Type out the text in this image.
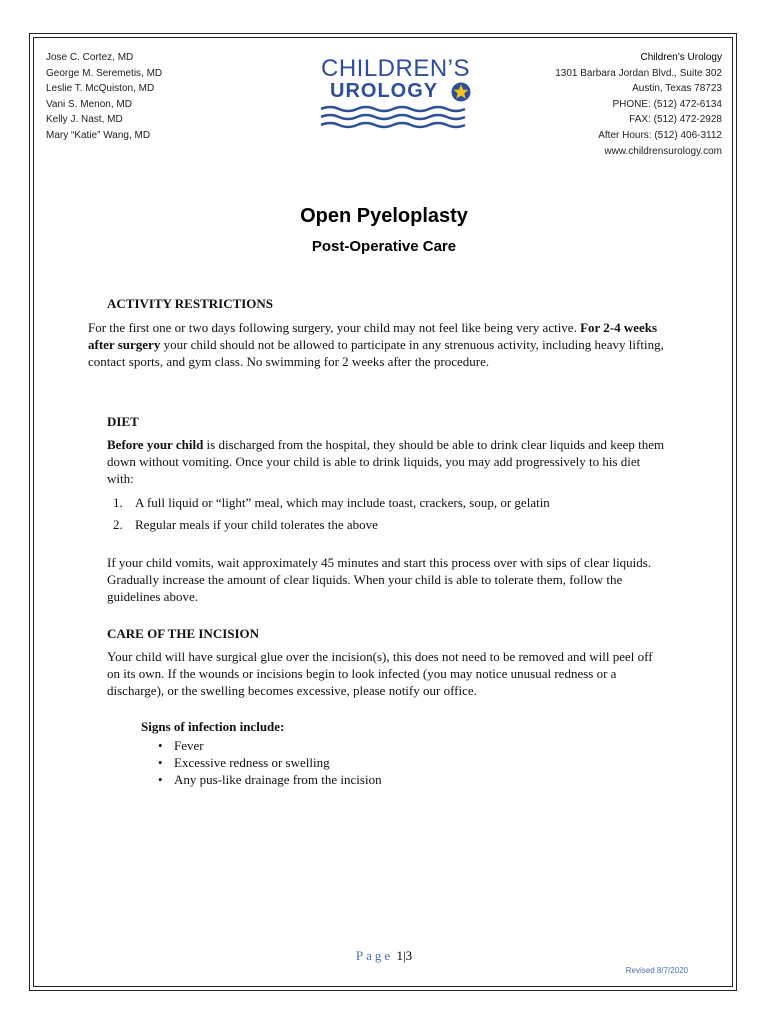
Jose C. Cortez, MD
George M. Seremetis, MD
Leslie T. McQuiston, MD
Vani S. Menon, MD
Kelly J. Nast, MD
Mary “Katie” Wang, MD
CHILDREN’S
UROLOGY
Children’s Urology
1301 Barbara Jordan Blvd., Suite 302
Austin, Texas 78723
PHONE: (512) 472-6134
FAX: (512) 472-2928
After Hours: (512) 406-3112
www.childrensurology.com
Open Pyeloplasty
Post-Operative Care
ACTIVITY RESTRICTIONS
For the first one or two days following surgery, your child may not feel like being very active. For 2-4 weeks after surgery your child should not be allowed to participate in any strenuous activity, including heavy lifting, contact sports, and gym class. No swimming for 2 weeks after the procedure.
DIET
Before your child is discharged from the hospital, they should be able to drink clear liquids and keep them down without vomiting. Once your child is able to drink liquids, you may add progressively to his diet with:
1. A full liquid or “light” meal, which may include toast, crackers, soup, or gelatin
2. Regular meals if your child tolerates the above
If your child vomits, wait approximately 45 minutes and start this process over with sips of clear liquids. Gradually increase the amount of clear liquids. When your child is able to tolerate them, follow the guidelines above.
CARE OF THE INCISION
Your child will have surgical glue over the incision(s), this does not need to be removed and will peel off on its own. If the wounds or incisions begin to look infected (you may notice unusual redness or a discharge), or the swelling becomes excessive, please notify our office.
Signs of infection include:
• Fever
• Excessive redness or swelling
• Any pus-like drainage from the incision
Page 1|3
Revised 8/7/2020
